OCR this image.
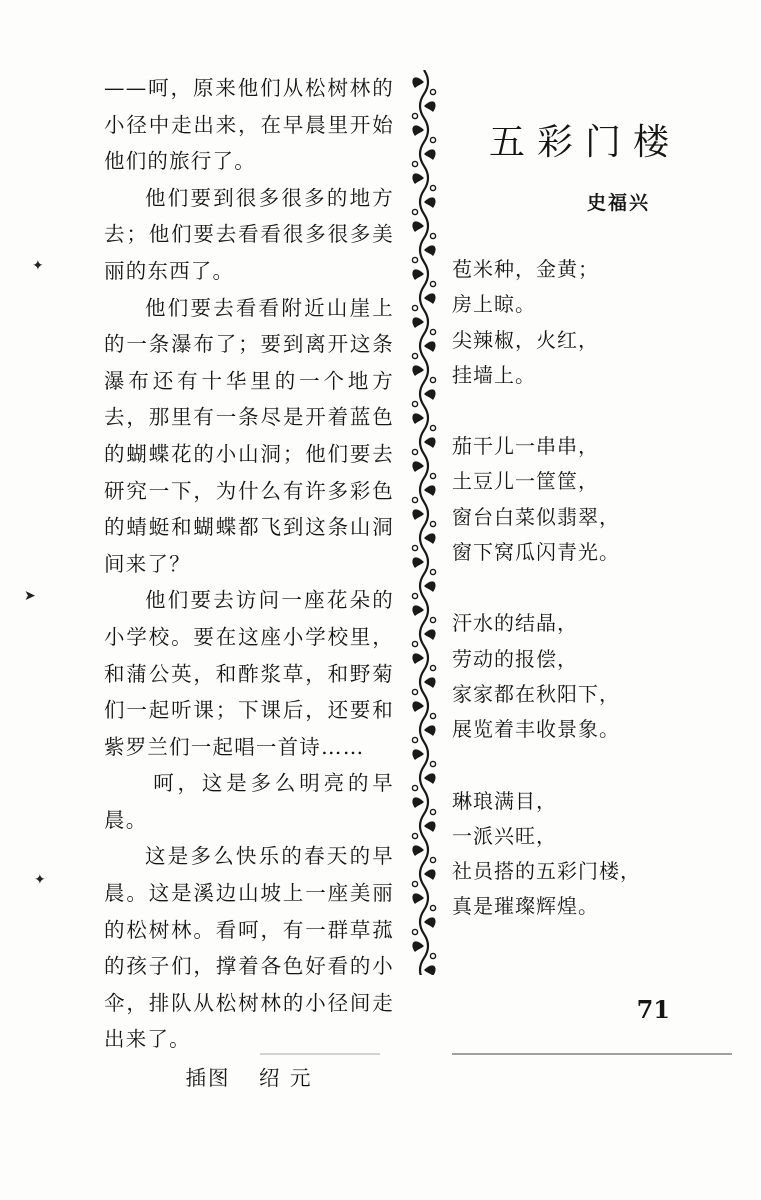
——呵，原来他们从松树林的小径中走出来，在早晨里开始他们的旅行了。

他们要到很多很多的地方去；他们要去看看很多很多美丽的东西了。

他们要去看看附近山崖上的一条瀑布了；要到离开这条瀑布还有十华里的一个地方去，那里有一条尽是开着蓝色的蝴蝶花的小山洞；他们要去研究一下，为什么有许多彩色的蜻蜓和蝴蝶都飞到这条山洞间来了？

他们要去访问一座花朵的小学校。要在这座小学校里，和蒲公英，和酢浆草，和野菊们一起听课；下课后，还要和紫罗兰们一起唱一首诗……

呵，这是多么明亮的早晨。

这是多么快乐的春天的早晨。这是溪边山坡上一座美丽的松树林。看呵，有一群草菰的孩子们，撑着各色好看的小伞，排队从松树林的小径间走出来了。

插图 绍 元

五彩门楼
史福兴
苞米种，金黄；
房上晾。
尖辣椒，火红，
挂墙上。
茄干儿一串串，
土豆儿一筐筐，
窗台白菜似翡翠，
窗下窝瓜闪青光。
汗水的结晶，
劳动的报偿，
家家都在秋阳下，
展览着丰收景象。
琳琅满目，
一派兴旺，
社员搭的五彩门楼，
真是璀璨辉煌。
71
✦
➤
✦
